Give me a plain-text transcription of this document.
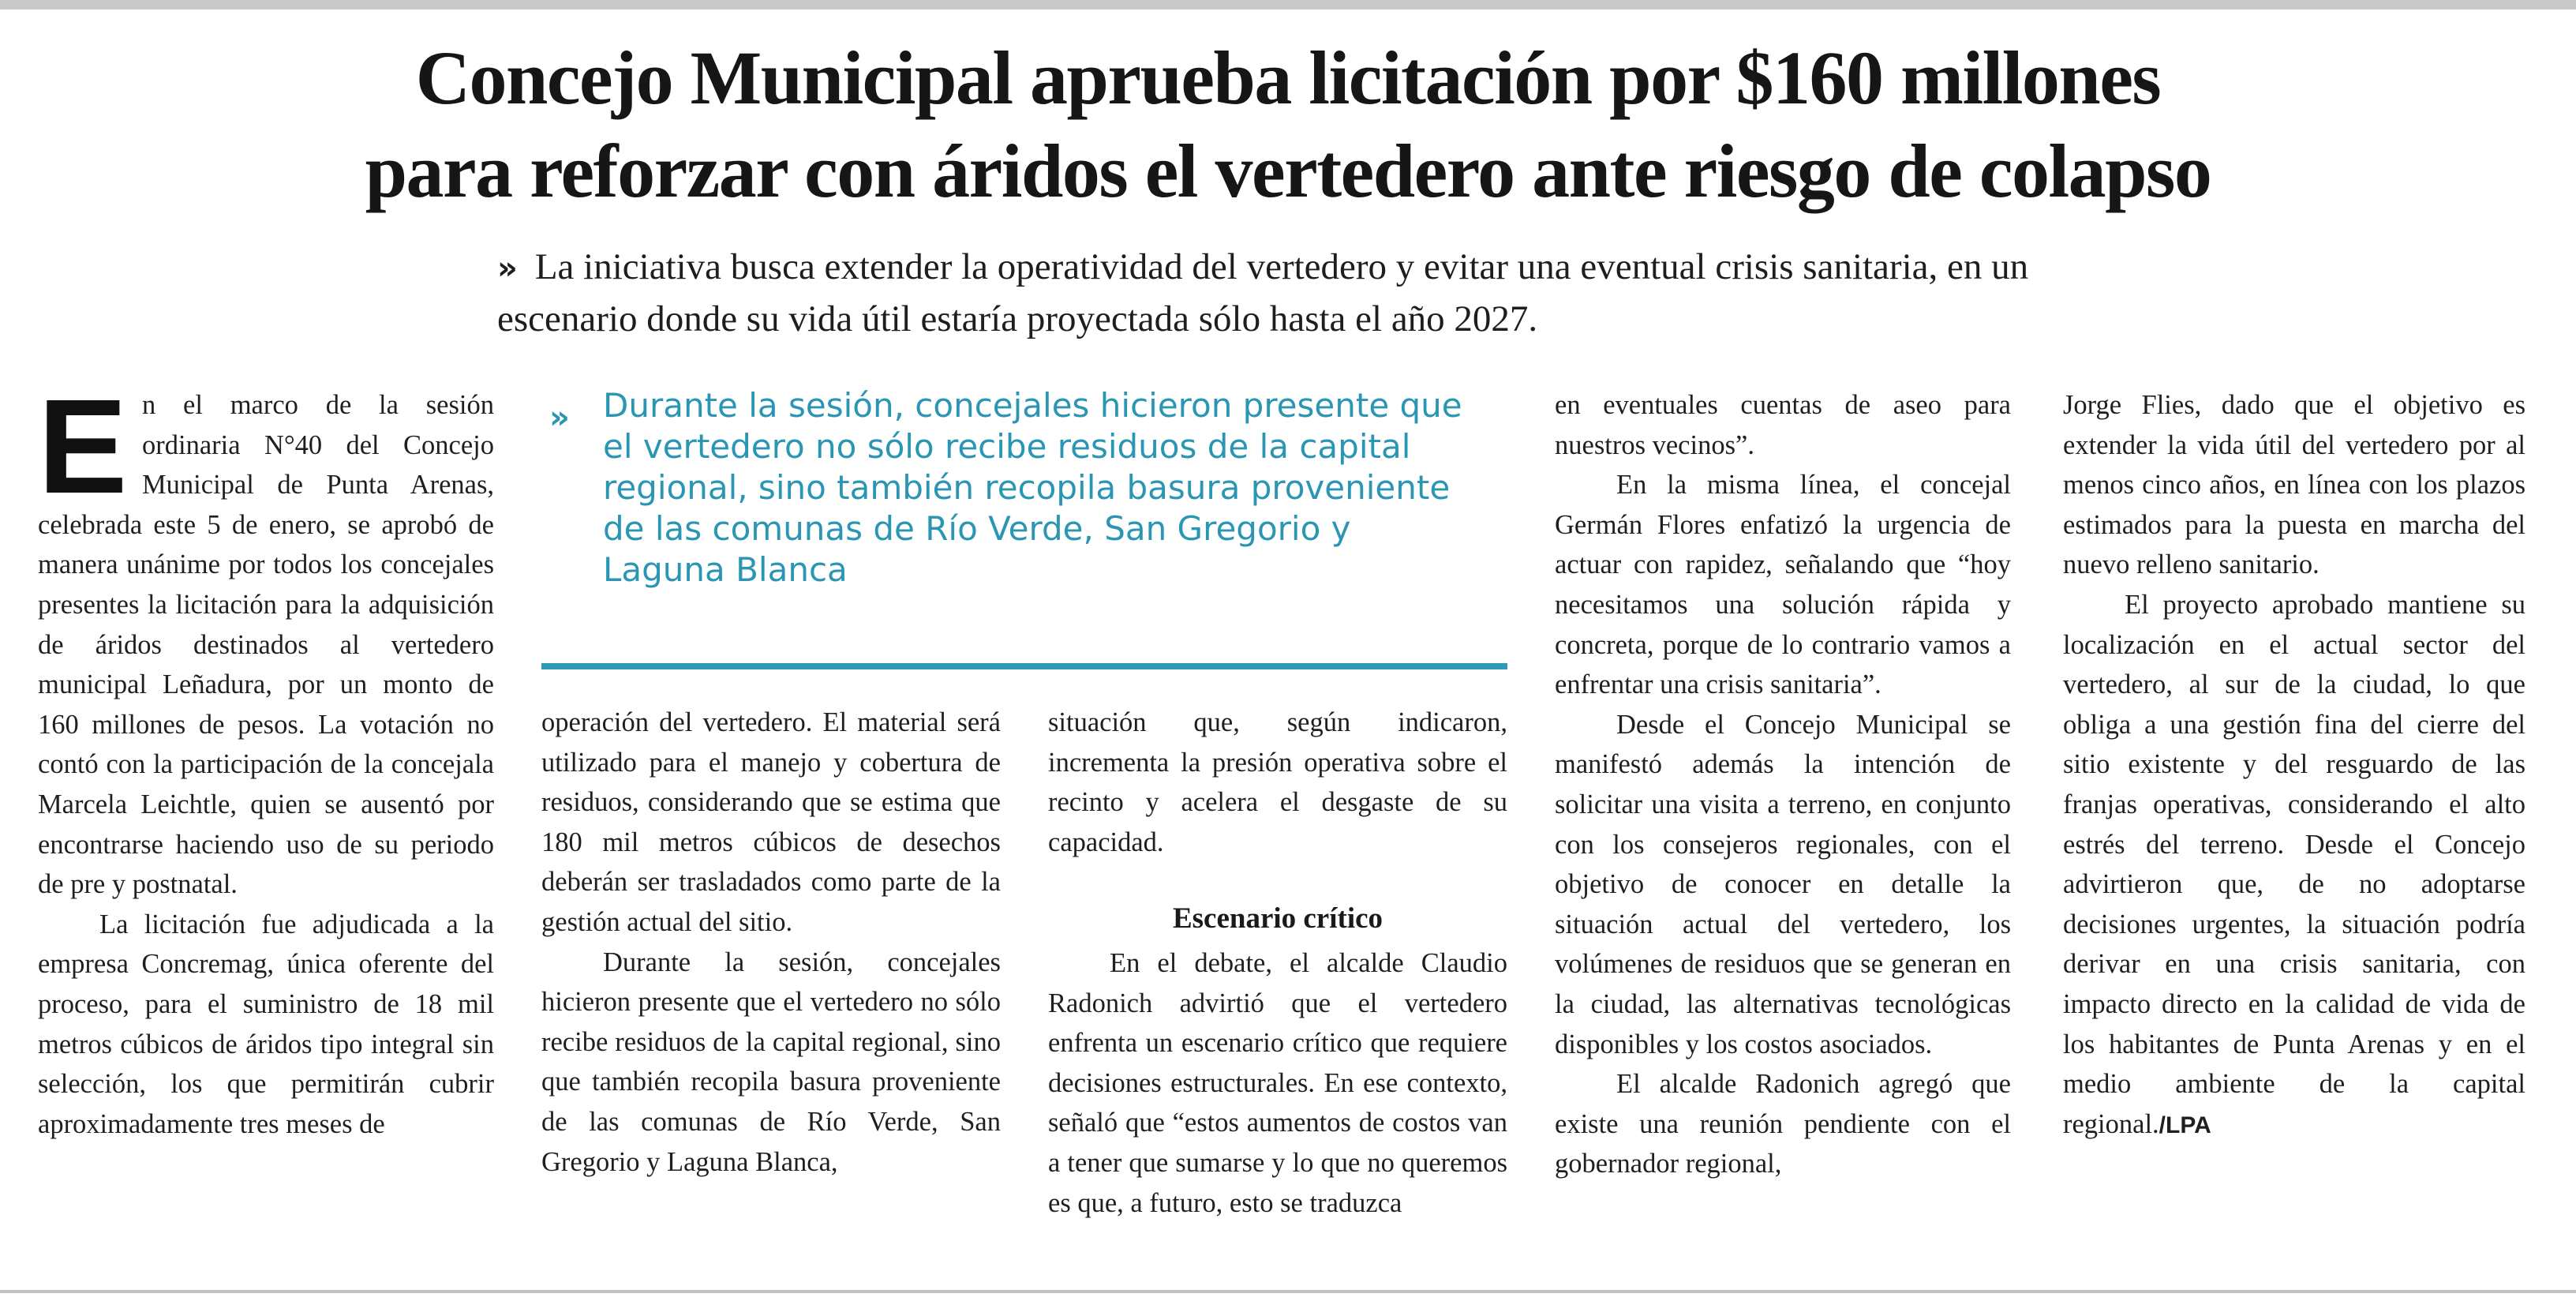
Concejo Municipal aprueba licitación por $160 millones
para reforzar con áridos el vertedero ante riesgo de colapso
» La iniciativa busca extender la operatividad del vertedero y evitar una eventual crisis sanitaria, en un escenario donde su vida útil estaría proyectada sólo hasta el año 2027.

En el marco de la sesión ordinaria N°40 del Concejo Municipal de Punta Arenas, celebrada este 5 de enero, se aprobó de manera unánime por todos los concejales presentes la licitación para la adquisición de áridos destinados al vertedero municipal Leñadura, por un monto de 160 millones de pesos. La votación no contó con la participación de la concejala Marcela Leichtle, quien se ausentó por encontrarse haciendo uso de su periodo de pre y postnatal.

La licitación fue adjudicada a la empresa Concremag, única oferente del proceso, para el suministro de 18 mil metros cúbicos de áridos tipo integral sin selección, los que permitirán cubrir aproximadamente tres meses de

» Durante la sesión, concejales hicieron presente que el vertedero no sólo recibe residuos de la capital regional, sino también recopila basura proveniente de las comunas de Río Verde, San Gregorio y Laguna Blanca

operación del vertedero. El material será utilizado para el manejo y cobertura de residuos, considerando que se estima que 180 mil metros cúbicos de desechos deberán ser trasladados como parte de la gestión actual del sitio.

Durante la sesión, concejales hicieron presente que el vertedero no sólo recibe residuos de la capital regional, sino que también recopila basura proveniente de las comunas de Río Verde, San Gregorio y Laguna Blanca,

situación que, según indicaron, incrementa la presión operativa sobre el recinto y acelera el desgaste de su capacidad.

Escenario crítico

En el debate, el alcalde Claudio Radonich advirtió que el vertedero enfrenta un escenario crítico que requiere decisiones estructurales. En ese contexto, señaló que “estos aumentos de costos van a tener que sumarse y lo que no queremos es que, a futuro, esto se traduzca

en eventuales cuentas de aseo para nuestros vecinos”.

En la misma línea, el concejal Germán Flores enfatizó la urgencia de actuar con rapidez, señalando que “hoy necesitamos una solución rápida y concreta, porque de lo contrario vamos a enfrentar una crisis sanitaria”.

Desde el Concejo Municipal se manifestó además la intención de solicitar una visita a terreno, en conjunto con los consejeros regionales, con el objetivo de conocer en detalle la situación actual del vertedero, los volúmenes de residuos que se generan en la ciudad, las alternativas tecnológicas disponibles y los costos asociados.

El alcalde Radonich agregó que existe una reunión pendiente con el gobernador regional,

Jorge Flies, dado que el objetivo es extender la vida útil del vertedero por al menos cinco años, en línea con los plazos estimados para la puesta en marcha del nuevo relleno sanitario.

El proyecto aprobado mantiene su localización en el actual sector del vertedero, al sur de la ciudad, lo que obliga a una gestión fina del cierre del sitio existente y del resguardo de las franjas operativas, considerando el alto estrés del terreno. Desde el Concejo advirtieron que, de no adoptarse decisiones urgentes, la situación podría derivar en una crisis sanitaria, con impacto directo en la calidad de vida de los habitantes de Punta Arenas y en el medio ambiente de la capital regional./LPA
